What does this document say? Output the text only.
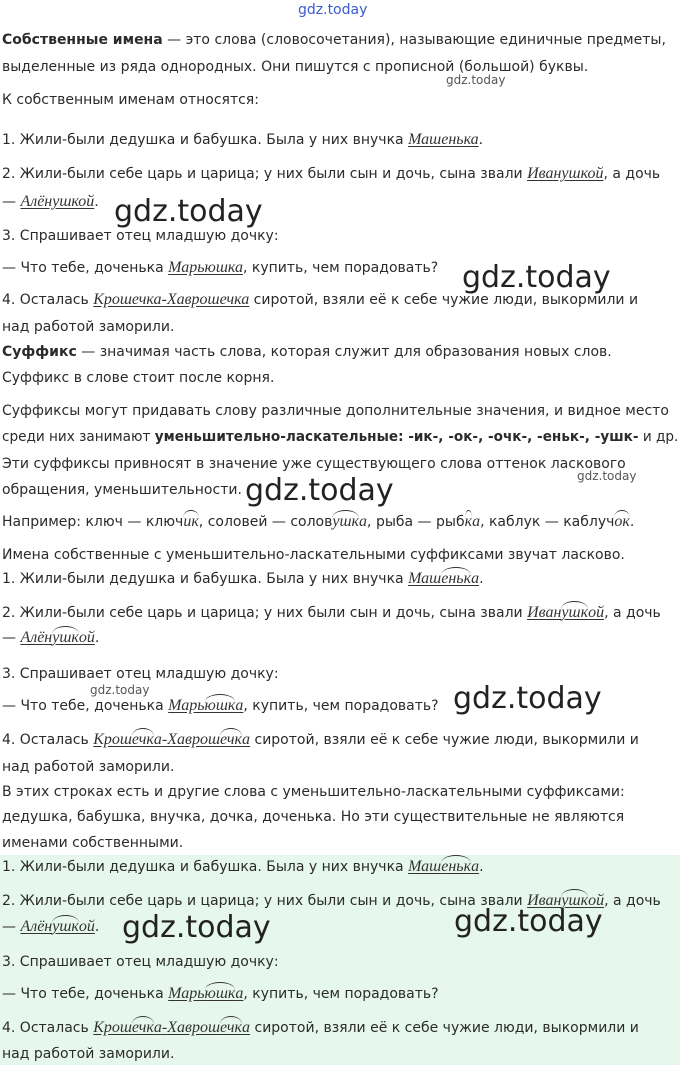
gdz.today
gdz.today
gdz.today
gdz.today
gdz.today	gdz.today
gdz.today	gdz.today
gdz.today	gdz.today
Собственные имена — это слова (словосочетания), называющие единичные предметы,
выделенные из ряда однородных. Они пишутся с прописной (большой) буквы.
К собственным именам относятся:
1. Жили-были дедушка и бабушка. Была у них внучка Машенька.
2. Жили-были себе царь и царица; у них были сын и дочь, сына звали Иванушкой, а дочь
— Алёнушкой.
3. Спрашивает отец младшую дочку:
— Что тебе, доченька Марьюшка, купить, чем порадовать?
4. Осталась Крошечка-Хаврошечка сиротой, взяли её к себе чужие люди, выкормили и
над работой заморили.
Суффикс — значимая часть слова, которая служит для образования новых слов.
Суффикс в слове стоит после корня.
Суффиксы могут придавать слову различные дополнительные значения, и видное место
среди них занимают уменьшительно-ласкательные: -ик-, -ок-, -очк-, -еньк-, -ушк- и др.
Эти суффиксы привносят в значение уже существующего слова оттенок ласкового
обращения, уменьшительности.
Например: ключ — ключик, соловей — соловушка, рыба — рыбка, каблук — каблучок.
Имена собственные с уменьшительно-ласкательными суффиксами звучат ласково.
1. Жили-были дедушка и бабушка. Была у них внучка Машенька.
2. Жили-были себе царь и царица; у них были сын и дочь, сына звали Иванушкой, а дочь
— Алёнушкой.
3. Спрашивает отец младшую дочку:
— Что тебе, доченька Марьюшка, купить, чем порадовать?
4. Осталась Крошечка-Хаврошечка сиротой, взяли её к себе чужие люди, выкормили и
над работой заморили.
В этих строках есть и другие слова с уменьшительно-ласкательными суффиксами:
дедушка, бабушка, внучка, дочка, доченька. Но эти существительные не являются
именами собственными.
1. Жили-были дедушка и бабушка. Была у них внучка Машенька.
2. Жили-были себе царь и царица; у них были сын и дочь, сына звали Иванушкой, а дочь
— Алёнушкой.
3. Спрашивает отец младшую дочку:
— Что тебе, доченька Марьюшка, купить, чем порадовать?
4. Осталась Крошечка-Хаврошечка сиротой, взяли её к себе чужие люди, выкормили и
над работой заморили.
